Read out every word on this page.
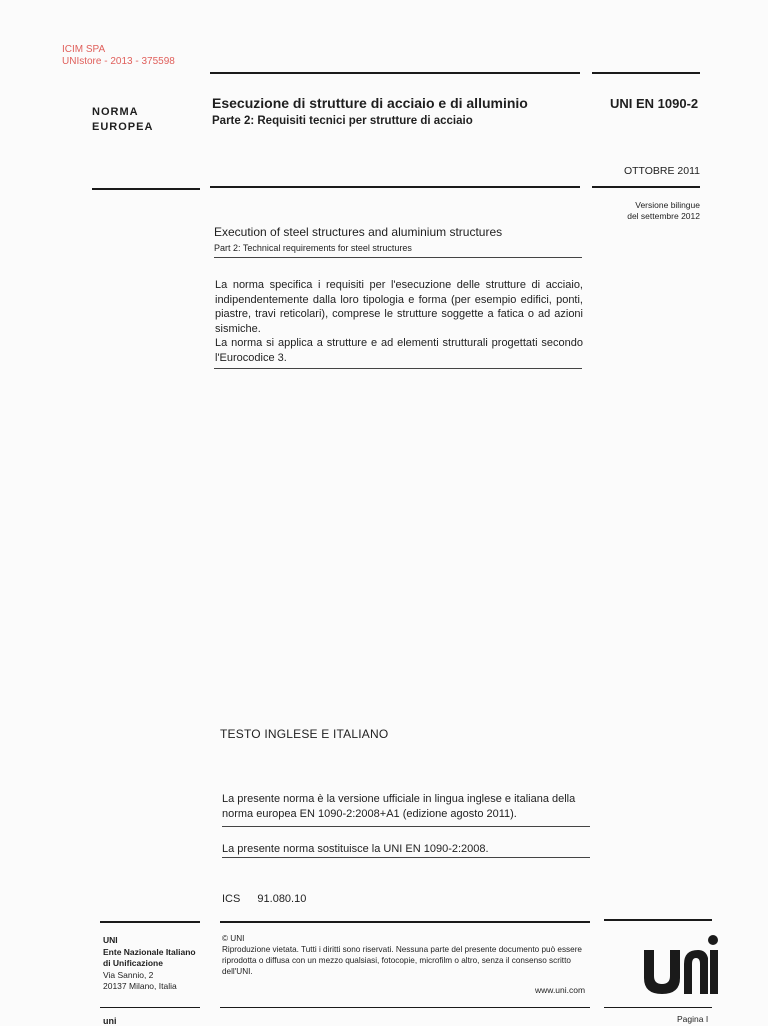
ICIM SPA
UNIstore - 2013 - 375598
NORMA
EUROPEA
Esecuzione di strutture di acciaio e di alluminio
Parte 2: Requisiti tecnici per strutture di acciaio
UNI EN 1090-2
OTTOBRE 2011
Versione bilingue
del settembre 2012
Execution of steel structures and aluminium structures
Part 2: Technical requirements for steel structures

La norma specifica i requisiti per l'esecuzione delle strutture di acciaio, indipendentemente dalla loro tipologia e forma (per esempio edifici, ponti, piastre, travi reticolari), comprese le strutture soggette a fatica o ad azioni sismiche.

La norma si applica a strutture e ad elementi strutturali progettati secondo l'Eurocodice 3.

TESTO INGLESE E ITALIANO
La presente norma è la versione ufficiale in lingua inglese e italiana della norma europea EN 1090-2:2008+A1 (edizione agosto 2011).
La presente norma sostituisce la UNI EN 1090-2:2008.
ICS 91.080.10
UNI
Ente Nazionale Italiano
di Unificazione
Via Sannio, 2
20137 Milano, Italia
© UNI
Riproduzione vietata. Tutti i diritti sono riservati. Nessuna parte del presente documento può essere riprodotta o diffusa con un mezzo qualsiasi, fotocopie, microfilm o altro, senza il consenso scritto dell'UNI.
www.uni.com
Pagina I
uni
